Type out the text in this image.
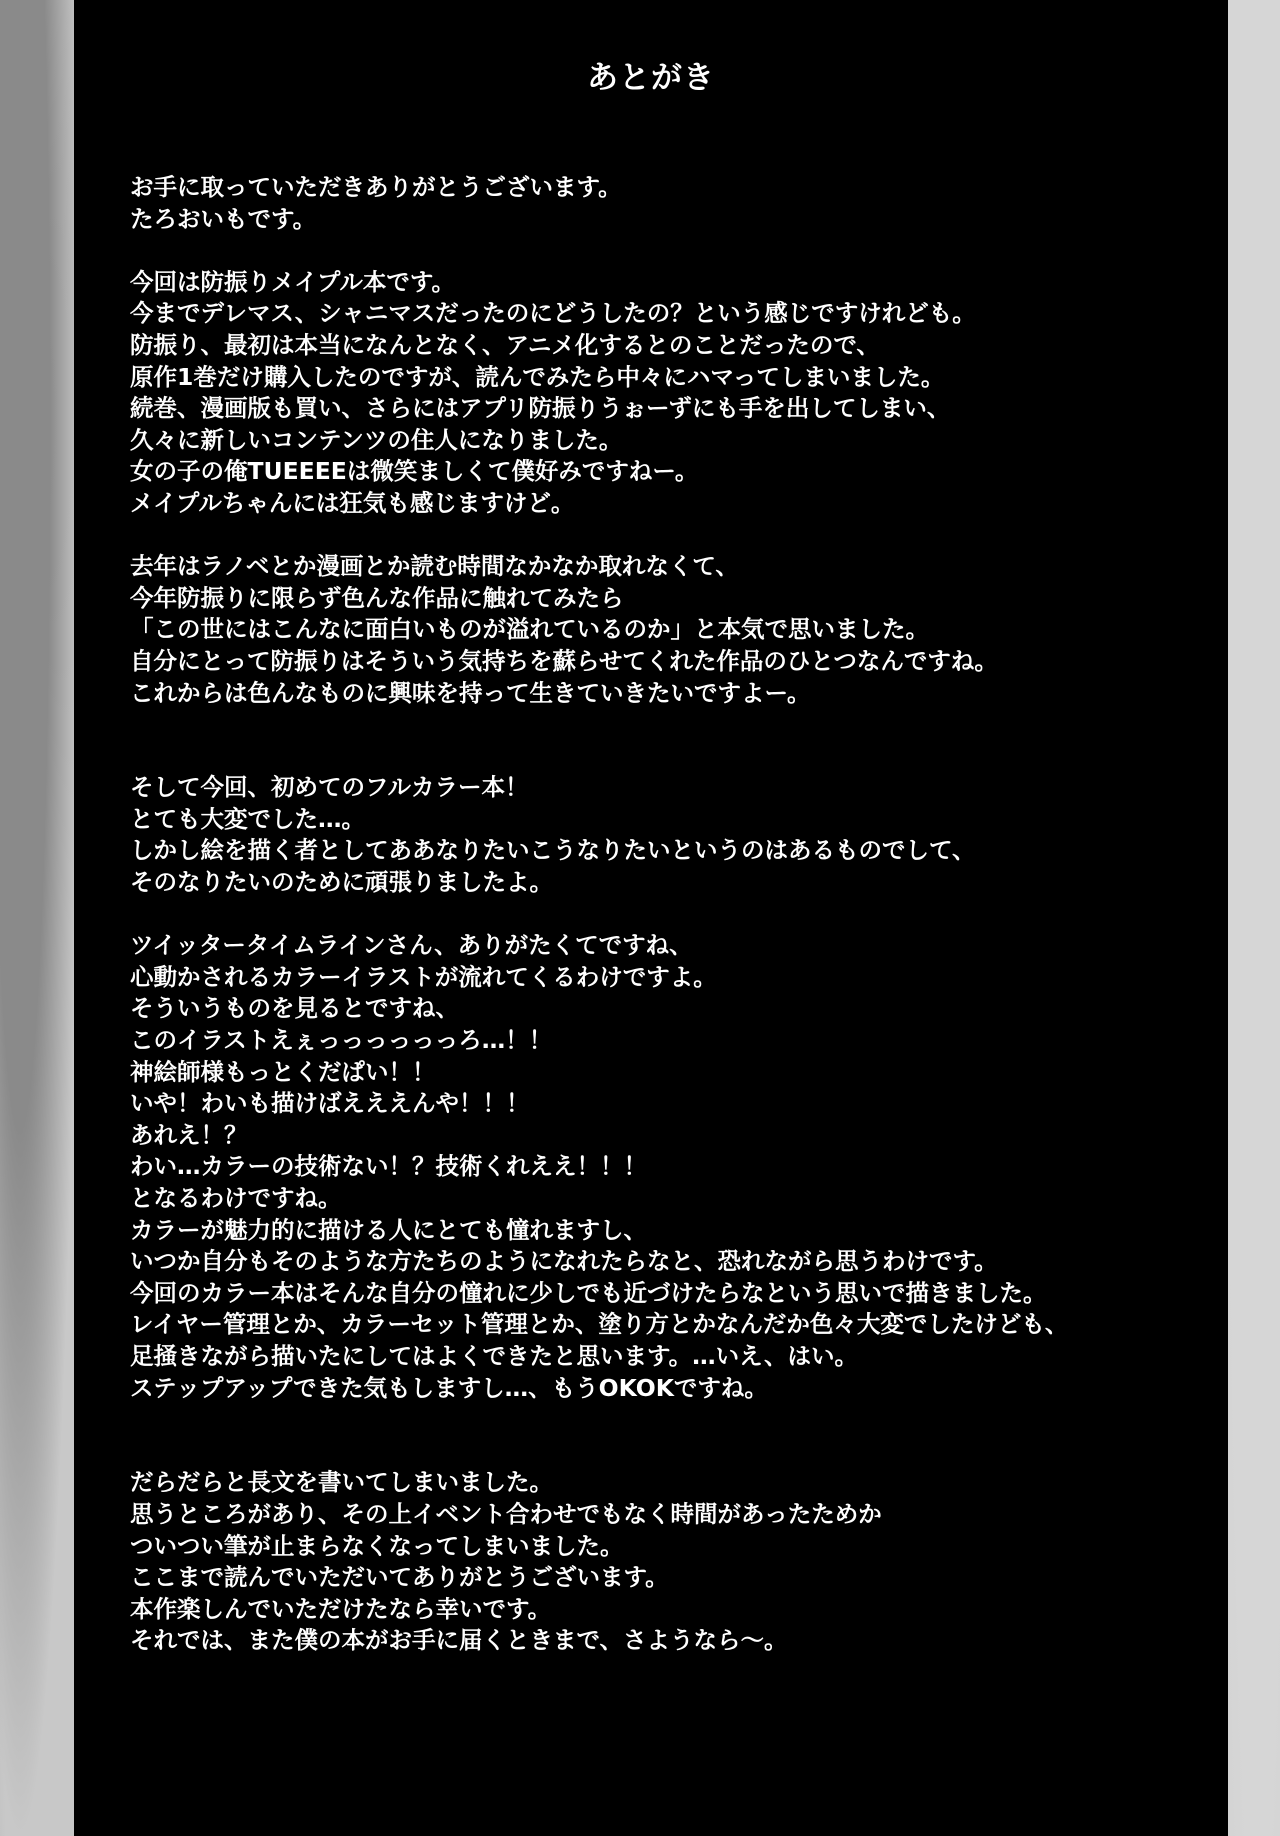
あとがき
お手に取っていただきありがとうございます。
たろおいもです。
今回は防振りメイプル本です。
今までデレマス、シャニマスだったのにどうしたの？という感じですけれども。
防振り、最初は本当になんとなく、アニメ化するとのことだったので、
原作1巻だけ購入したのですが、読んでみたら中々にハマってしまいました。
続巻、漫画版も買い、さらにはアプリ防振りうぉーずにも手を出してしまい、
久々に新しいコンテンツの住人になりました。
女の子の俺TUEEEEは微笑ましくて僕好みですねー。
メイプルちゃんには狂気も感じますけど。
去年はラノベとか漫画とか読む時間なかなか取れなくて、
今年防振りに限らず色んな作品に触れてみたら
「この世にはこんなに面白いものが溢れているのか」と本気で思いました。
自分にとって防振りはそういう気持ちを蘇らせてくれた作品のひとつなんですね。
これからは色んなものに興味を持って生きていきたいですよー。
そして今回、初めてのフルカラー本！
とても大変でした…。
しかし絵を描く者としてああなりたいこうなりたいというのはあるものでして、
そのなりたいのために頑張りましたよ。
ツイッタータイムラインさん、ありがたくてですね、
心動かされるカラーイラストが流れてくるわけですよ。
そういうものを見るとですね、
このイラストえぇっっっっっっろ…！！
神絵師様もっとくだぱい！！
いや！わいも描けばえええんや！！！
あれえ！？
わい…カラーの技術ない！？技術くれええ！！！
となるわけですね。
カラーが魅力的に描ける人にとても憧れますし、
いつか自分もそのような方たちのようになれたらなと、恐れながら思うわけです。
今回のカラー本はそんな自分の憧れに少しでも近づけたらなという思いで描きました。
レイヤー管理とか、カラーセット管理とか、塗り方とかなんだか色々大変でしたけども、
足掻きながら描いたにしてはよくできたと思います。…いえ、はい。
ステップアップできた気もしますし…、もうOKOKですね。
だらだらと長文を書いてしまいました。
思うところがあり、その上イベント合わせでもなく時間があったためか
ついつい筆が止まらなくなってしまいました。
ここまで読んでいただいてありがとうございます。
本作楽しんでいただけたなら幸いです。
それでは、また僕の本がお手に届くときまで、さようなら～。
